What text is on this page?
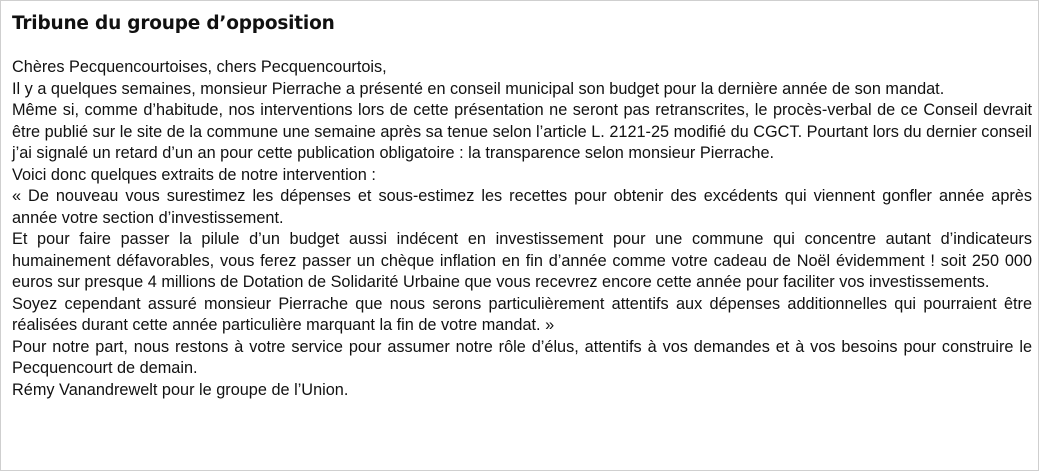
Tribune du groupe d’opposition

Chères Pecquencourtoises, chers Pecquencourtois,

Il y a quelques semaines, monsieur Pierrache a présenté en conseil municipal son budget pour la dernière année de son mandat.

Même si, comme d’habitude, nos interventions lors de cette présentation ne seront pas retranscrites, le procès-verbal de ce Conseil devrait être publié sur le site de la commune une semaine après sa tenue selon l’article L. 2121-25 modifié du CGCT. Pourtant lors du dernier conseil j’ai signalé un retard d’un an pour cette publication obligatoire : la transparence selon monsieur Pierrache.

Voici donc quelques extraits de notre intervention :

« De nouveau vous surestimez les dépenses et sous-estimez les recettes pour obtenir des excédents qui viennent gonfler année après année votre section d’investissement.

Et pour faire passer la pilule d’un budget aussi indécent en investissement pour une commune qui concentre autant d’indicateurs humainement défavorables, vous ferez passer un chèque inflation en fin d’année comme votre cadeau de Noël évidemment ! soit 250 000 euros sur presque 4 millions de Dotation de Solidarité Urbaine que vous recevrez encore cette année pour faciliter vos investissements.

Soyez cependant assuré monsieur Pierrache que nous serons particulièrement attentifs aux dépenses additionnelles qui pourraient être réalisées durant cette année particulière marquant la fin de votre mandat. »

Pour notre part, nous restons à votre service pour assumer notre rôle d’élus, attentifs à vos demandes et à vos besoins pour construire le Pecquencourt de demain.

Rémy Vanandrewelt pour le groupe de l’Union.
